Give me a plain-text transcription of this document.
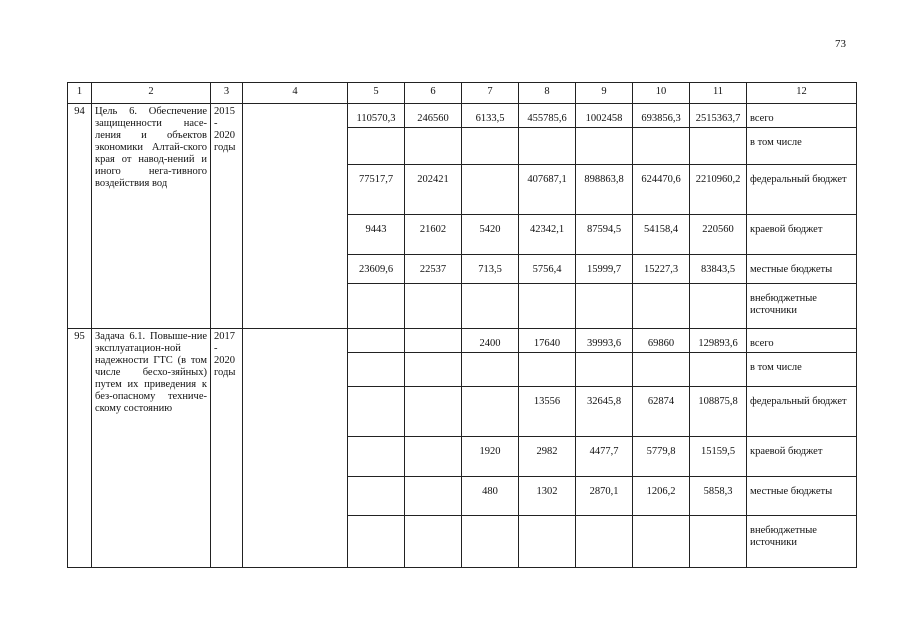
73
1	2	3	4	5	6	7	8	9	10	11	12
94	Цель 6. Обеспечение защищенности насе-ления и объектов экономики Алтай-ского края от навод-нений и иного нега-тивного воздействия вод	2015
-
2020
годы		110570,3	246560	6133,5	455785,6	1002458	693856,3	2515363,7	всего
											в том числе
				77517,7	202421		407687,1	898863,8	624470,6	2210960,2	федеральный бюджет
				9443	21602	5420	42342,1	87594,5	54158,4	220560	краевой бюджет
				23609,6	22537	713,5	5756,4	15999,7	15227,3	83843,5	местные бюджеты
											внебюджетные источники
95	Задача 6.1. Повыше-ние эксплуатацион-ной надежности ГТС (в том числе бесхо-зяйных) путем их приведения к без-опасному техниче-скому состоянию	2017
-
2020
годы				2400	17640	39993,6	69860	129893,6	всего
											в том числе
							13556	32645,8	62874	108875,8	федеральный бюджет
						1920	2982	4477,7	5779,8	15159,5	краевой бюджет
						480	1302	2870,1	1206,2	5858,3	местные бюджеты
											внебюджетные источники
